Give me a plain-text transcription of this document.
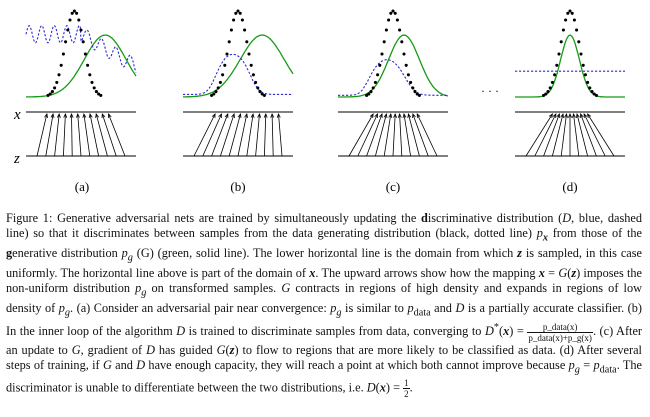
x
z
(a)	(b)	(c)	(d)
· · ·

Figure 1: Generative adversarial nets are trained by simultaneously updating the discriminative distribution (D, blue, dashed line) so that it discriminates between samples from the data generating distribution (black, dotted line) $p_x$ from those of the generative distribution $p_g$ (G) (green, solid line). The lower horizontal line is the domain from which z is sampled, in this case uniformly. The horizontal line above is part of the domain of x. The upward arrows show how the mapping x = G(z) imposes the non-uniform distribution $p_g$ on transformed samples. G contracts in regions of high density and expands in regions of low density of $p_g$. (a) Consider an adversarial pair near convergence: $p_g$ is similar to $p_{data}$ and D is a partially accurate classifier. (b) In the inner loop of the algorithm D is trained to discriminate samples from data, converging to $D^*(x) = \frac{\text{p\_data(x)}}{\text{p\_data(x)+p\_g(x)}}$ . (c) After an update to G, gradient of D has guided G(z) to flow to regions that are more likely to be classified as data. (d) After several steps of training, if G and D have enough capacity, they will reach a point at which both cannot improve because $p_g = p_{data}$. The discriminator is unable to differentiate between the two distributions, i.e. $D(x) = \frac{1}{2}$ .
